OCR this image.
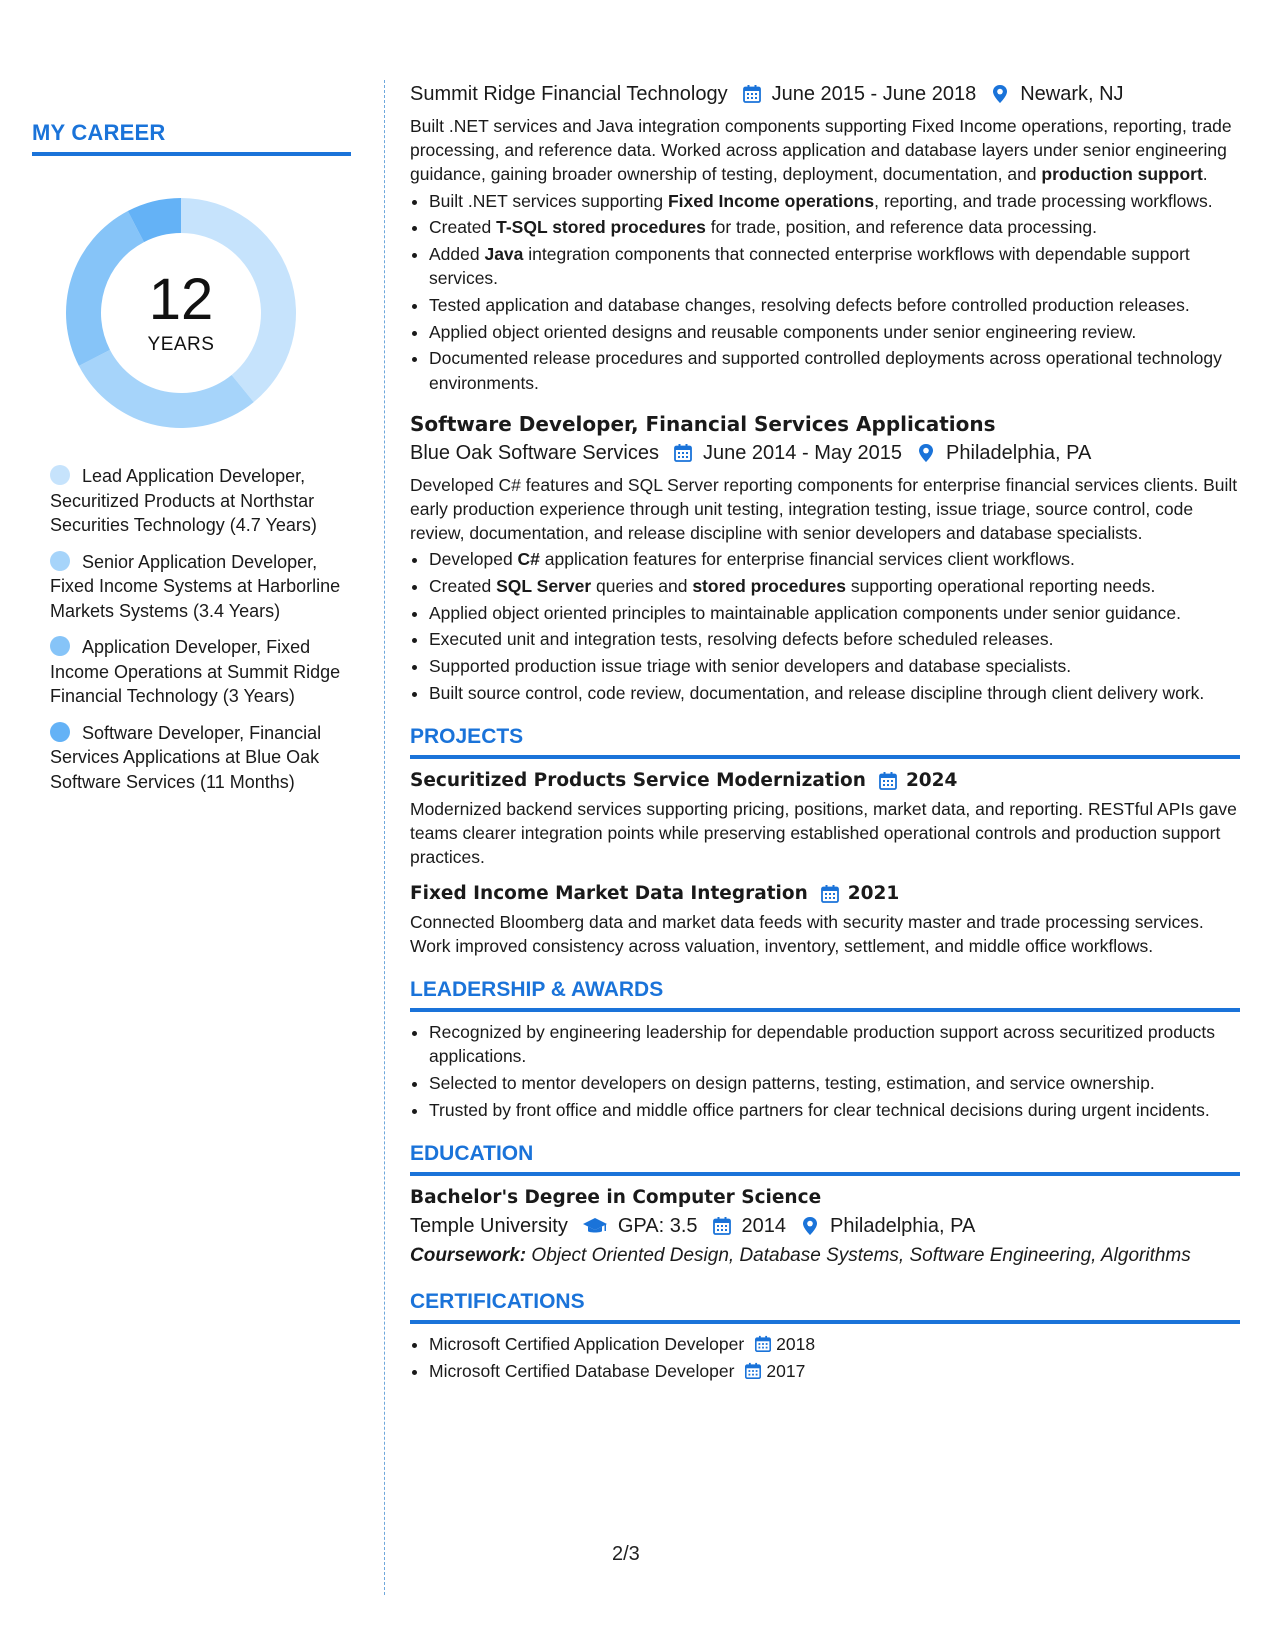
MY CAREER
12
YEARS
Lead Application Developer, Securitized Products at Northstar Securities Technology (4.7 Years)
Senior Application Developer, Fixed Income Systems at Harborline Markets Systems (3.4 Years)
Application Developer, Fixed Income Operations at Summit Ridge Financial Technology (3 Years)
Software Developer, Financial Services Applications at Blue Oak Software Services (11 Months)
Summit Ridge Financial Technology June 2015 - June 2018 Newark, NJ
Built .NET services and Java integration components supporting Fixed Income operations, reporting, trade processing, and reference data. Worked across application and database layers under senior engineering guidance, gaining broader ownership of testing, deployment, documentation, and production support.
• Built .NET services supporting Fixed Income operations, reporting, and trade processing workflows.
• Created T-SQL stored procedures for trade, position, and reference data processing.
• Added Java integration components that connected enterprise workflows with dependable support services.
• Tested application and database changes, resolving defects before controlled production releases.
• Applied object oriented designs and reusable components under senior engineering review.
• Documented release procedures and supported controlled deployments across operational technology environments.
Software Developer, Financial Services Applications
Blue Oak Software Services June 2014 - May 2015 Philadelphia, PA
Developed C# features and SQL Server reporting components for enterprise financial services clients. Built early production experience through unit testing, integration testing, issue triage, source control, code review, documentation, and release discipline with senior developers and database specialists.
• Developed C# application features for enterprise financial services client workflows.
• Created SQL Server queries and stored procedures supporting operational reporting needs.
• Applied object oriented principles to maintainable application components under senior guidance.
• Executed unit and integration tests, resolving defects before scheduled releases.
• Supported production issue triage with senior developers and database specialists.
• Built source control, code review, documentation, and release discipline through client delivery work.
PROJECTS
Securitized Products Service Modernization 2024
Modernized backend services supporting pricing, positions, market data, and reporting. RESTful APIs gave teams clearer integration points while preserving established operational controls and production support practices.
Fixed Income Market Data Integration 2021
Connected Bloomberg data and market data feeds with security master and trade processing services. Work improved consistency across valuation, inventory, settlement, and middle office workflows.
LEADERSHIP & AWARDS
• Recognized by engineering leadership for dependable production support across securitized products applications.
• Selected to mentor developers on design patterns, testing, estimation, and service ownership.
• Trusted by front office and middle office partners for clear technical decisions during urgent incidents.
EDUCATION
Bachelor's Degree in Computer Science
Temple University	GPA: 3.5 2014 Philadelphia, PA
Coursework: Object Oriented Design, Database Systems, Software Engineering, Algorithms
CERTIFICATIONS
• Microsoft Certified Application Developer 2018
• Microsoft Certified Database Developer 2017
2/3
